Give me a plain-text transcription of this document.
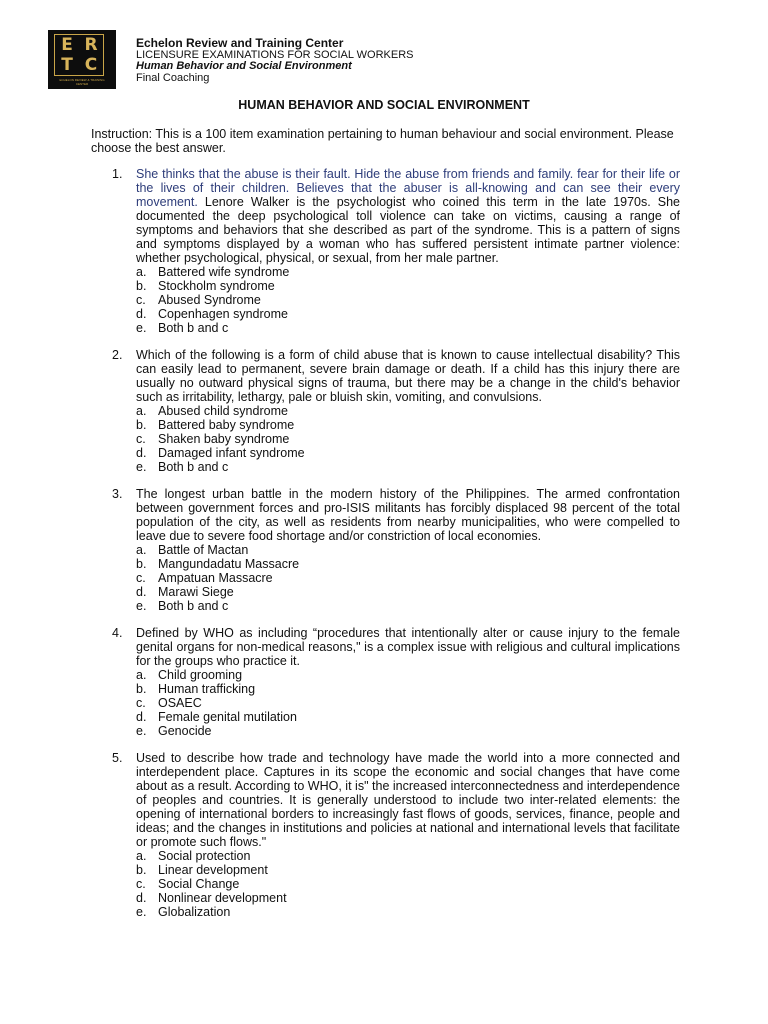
E R
T C
ECHELON REVIEW & TRAINING CENTER
Echelon Review and Training Center
LICENSURE EXAMINATIONS FOR SOCIAL WORKERS
Human Behavior and Social Environment
Final Coaching
HUMAN BEHAVIOR AND SOCIAL ENVIRONMENT
Instruction: This is a 100 item examination pertaining to human behaviour and social environment. Please choose the best answer.
1. She thinks that the abuse is their fault. Hide the abuse from friends and family. fear for their life or the lives of their children. Believes that the abuser is all-knowing and can see their every movement. Lenore Walker is the psychologist who coined this term in the late 1970s. She documented the deep psychological toll violence can take on victims, causing a range of symptoms and behaviors that she described as part of the syndrome. This is a pattern of signs and symptoms displayed by a woman who has suffered persistent intimate partner violence: whether psychological, physical, or sexual, from her male partner.
a. Battered wife syndrome
b. Stockholm syndrome
c. Abused Syndrome
d. Copenhagen syndrome
e. Both b and c
2. Which of the following is a form of child abuse that is known to cause intellectual disability? This can easily lead to permanent, severe brain damage or death. If a child has this injury there are usually no outward physical signs of trauma, but there may be a change in the child's behavior such as irritability, lethargy, pale or bluish skin, vomiting, and convulsions.
a. Abused child syndrome
b. Battered baby syndrome
c. Shaken baby syndrome
d. Damaged infant syndrome
e. Both b and c
3. The longest urban battle in the modern history of the Philippines. The armed confrontation between government forces and pro-ISIS militants has forcibly displaced 98 percent of the total population of the city, as well as residents from nearby municipalities, who were compelled to leave due to severe food shortage and/or constriction of local economies.
a. Battle of Mactan
b. Mangundadatu Massacre
c. Ampatuan Massacre
d. Marawi Siege
e. Both b and c
4. Defined by WHO as including “procedures that intentionally alter or cause injury to the female genital organs for non-medical reasons," is a complex issue with religious and cultural implications for the groups who practice it.
a. Child grooming
b. Human trafficking
c. OSAEC
d. Female genital mutilation
e. Genocide
5. Used to describe how trade and technology have made the world into a more connected and interdependent place. Captures in its scope the economic and social changes that have come about as a result. According to WHO, it is" the increased interconnectedness and interdependence of peoples and countries. It is generally understood to include two inter-related elements: the opening of international borders to increasingly fast flows of goods, services, finance, people and ideas; and the changes in institutions and policies at national and international levels that facilitate or promote such flows."
a. Social protection
b. Linear development
c. Social Change
d. Nonlinear development
e. Globalization
